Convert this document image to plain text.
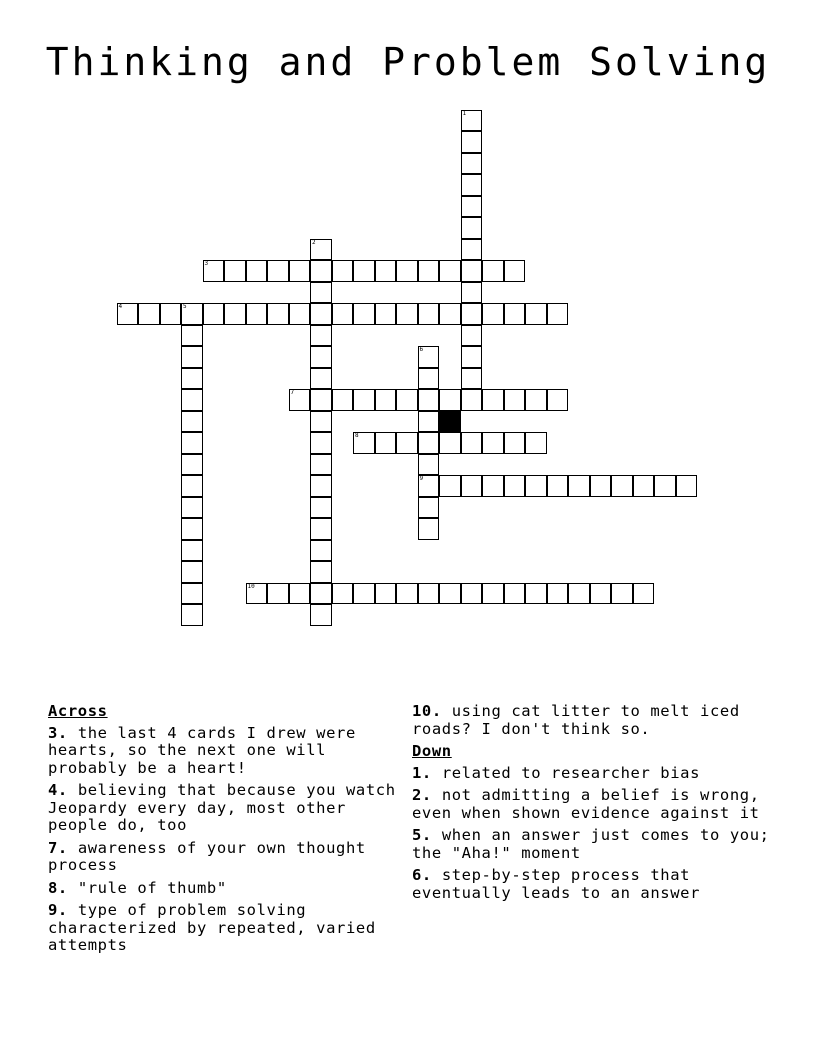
Thinking and Problem Solving
1
2
3
4	5
6
9
7
8
10
Across
3. the last 4 cards I drew were hearts, so the next one will probably be a heart!
4. believing that because you watch Jeopardy every day, most other people do, too
7. awareness of your own thought process
8. "rule of thumb"
9. type of problem solving characterized by repeated, varied attempts
10. using cat litter to melt iced roads? I don't think so.
Down
1. related to researcher bias
2. not admitting a belief is wrong, even when shown evidence against it
5. when an answer just comes to you; the "Aha!" moment
6. step-by-step process that eventually leads to an answer
